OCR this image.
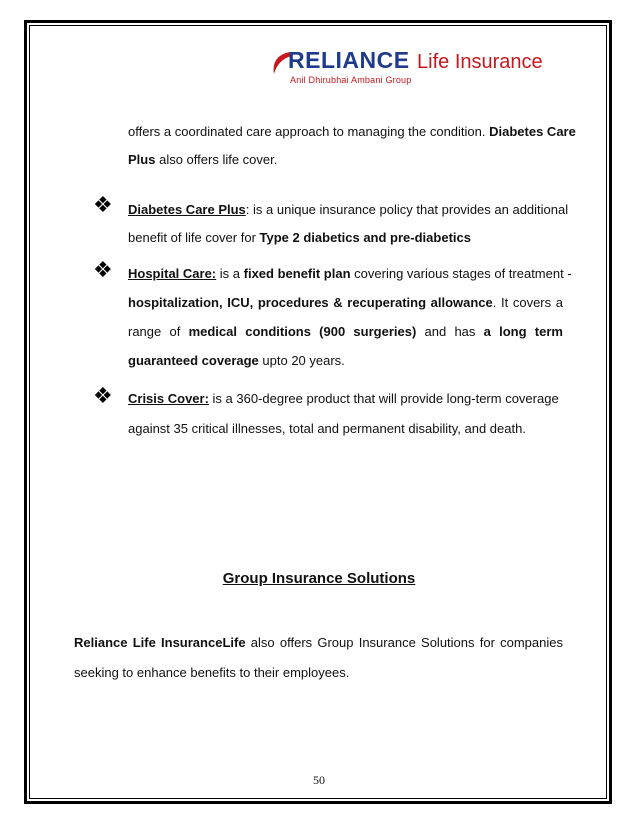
RELIANCE Life Insurance
Anil Dhirubhai Ambani Group
offers a coordinated care approach to managing the condition. Diabetes Care
Plus also offers life cover.
❖ Diabetes Care Plus: is a unique insurance policy that provides an additional
benefit of life cover for Type 2 diabetics and pre-diabetics
❖ Hospital Care: is a fixed benefit plan covering various stages of treatment -
hospitalization, ICU, procedures & recuperating allowance. It covers a
range of medical conditions (900 surgeries) and has a long term
guaranteed coverage upto 20 years.
❖ Crisis Cover: is a 360-degree product that will provide long-term coverage
against 35 critical illnesses, total and permanent disability, and death.
Group Insurance Solutions
Reliance Life InsuranceLife also offers Group Insurance Solutions for companies
seeking to enhance benefits to their employees.
50
